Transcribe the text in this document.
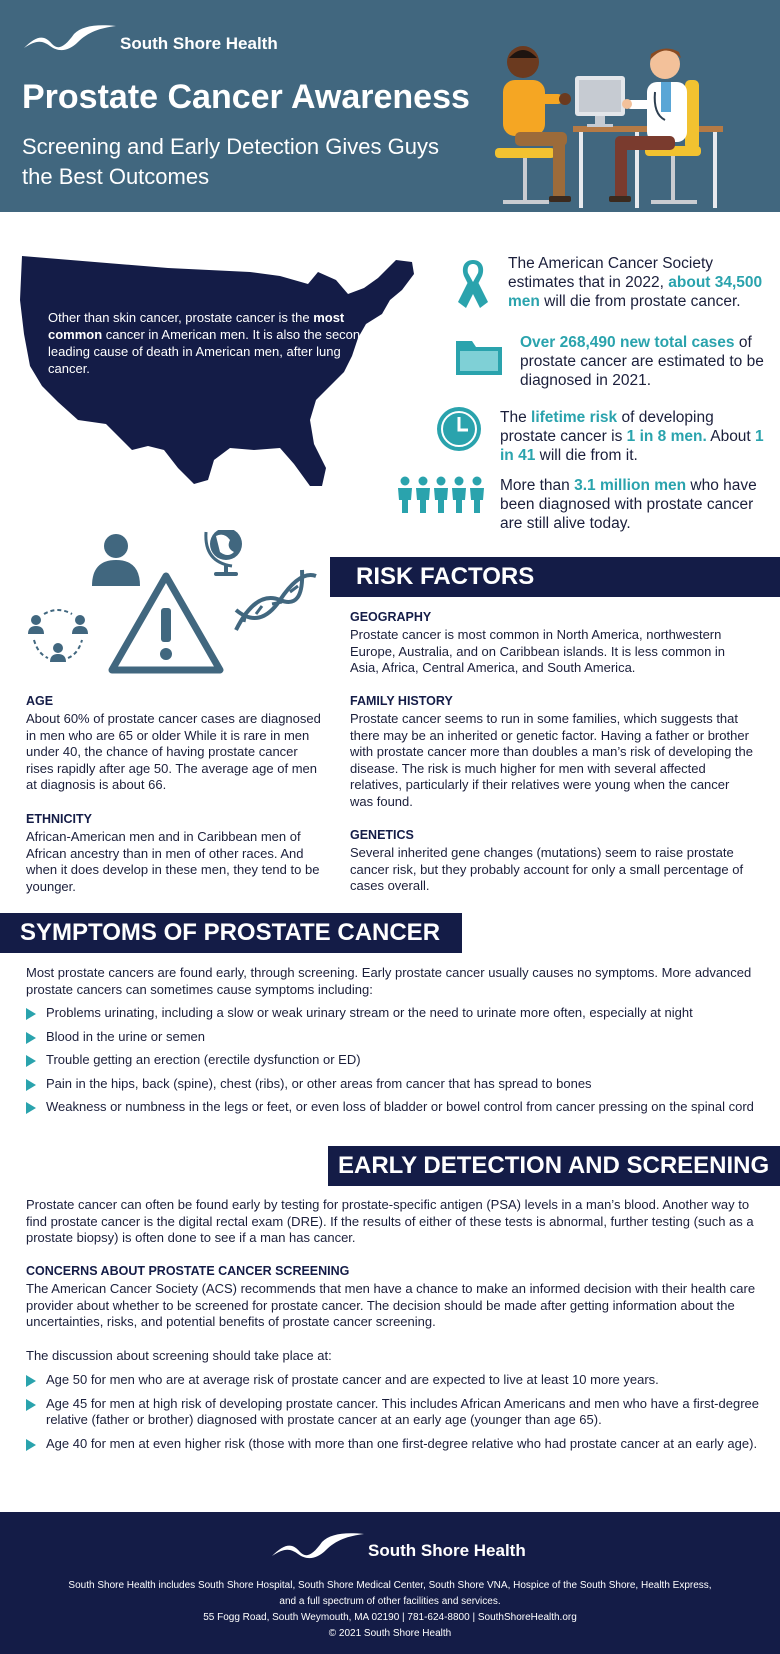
South Shore Health
Prostate Cancer Awareness
Screening and Early Detection Gives Guys the Best Outcomes
Other than skin cancer, prostate cancer is the most common cancer in American men. It is also the second leading cause of death in American men, after lung cancer.
The American Cancer Society estimates that in 2022, about 34,500 men will die from prostate cancer.
Over 268,490 new total cases of prostate cancer are estimated to be diagnosed in 2021.
The lifetime risk of developing prostate cancer is 1 in 8 men. About 1 in 41 will die from it.
More than 3.1 million men who have been diagnosed with prostate cancer are still alive today.
RISK FACTORS
GEOGRAPHY
Prostate cancer is most common in North America, northwestern Europe, Australia, and on Caribbean islands. It is less common in Asia, Africa, Central America, and South America.
FAMILY HISTORY
Prostate cancer seems to run in some families, which suggests that there may be an inherited or genetic factor. Having a father or brother with prostate cancer more than doubles a man’s risk of developing the disease. The risk is much higher for men with several affected relatives, particularly if their relatives were young when the cancer was found.
GENETICS
Several inherited gene changes (mutations) seem to raise prostate cancer risk, but they probably account for only a small percentage of cases overall.
AGE
About 60% of prostate cancer cases are diagnosed in men who are 65 or older While it is rare in men under 40, the chance of having prostate cancer rises rapidly after age 50. The average age of men at diagnosis is about 66.
ETHNICITY
African-American men and in Caribbean men of African ancestry than in men of other races. And when it does develop in these men, they tend to be younger.
SYMPTOMS OF PROSTATE CANCER
Most prostate cancers are found early, through screening. Early prostate cancer usually causes no symptoms. More advanced prostate cancers can sometimes cause symptoms including:
Problems urinating, including a slow or weak urinary stream or the need to urinate more often, especially at night
Blood in the urine or semen
Trouble getting an erection (erectile dysfunction or ED)
Pain in the hips, back (spine), chest (ribs), or other areas from cancer that has spread to bones
Weakness or numbness in the legs or feet, or even loss of bladder or bowel control from cancer pressing on the spinal cord
EARLY DETECTION AND SCREENING
Prostate cancer can often be found early by testing for prostate-specific antigen (PSA) levels in a man’s blood. Another way to find prostate cancer is the digital rectal exam (DRE). If the results of either of these tests is abnormal, further testing (such as a prostate biopsy) is often done to see if a man has cancer.
CONCERNS ABOUT PROSTATE CANCER SCREENING
The American Cancer Society (ACS) recommends that men have a chance to make an informed decision with their health care provider about whether to be screened for prostate cancer. The decision should be made after getting information about the uncertainties, risks, and potential benefits of prostate cancer screening.
The discussion about screening should take place at:
Age 50 for men who are at average risk of prostate cancer and are expected to live at least 10 more years.
Age 45 for men at high risk of developing prostate cancer. This includes African Americans and men who have a first-degree relative (father or brother) diagnosed with prostate cancer at an early age (younger than age 65).
Age 40 for men at even higher risk (those with more than one first-degree relative who had prostate cancer at an early age).
South Shore Health
South Shore Health includes South Shore Hospital, South Shore Medical Center, South Shore VNA, Hospice of the South Shore, Health Express,
and a full spectrum of other facilities and services.
55 Fogg Road, South Weymouth, MA 02190 | 781-624-8800 | SouthShoreHealth.org
© 2021 South Shore Health
